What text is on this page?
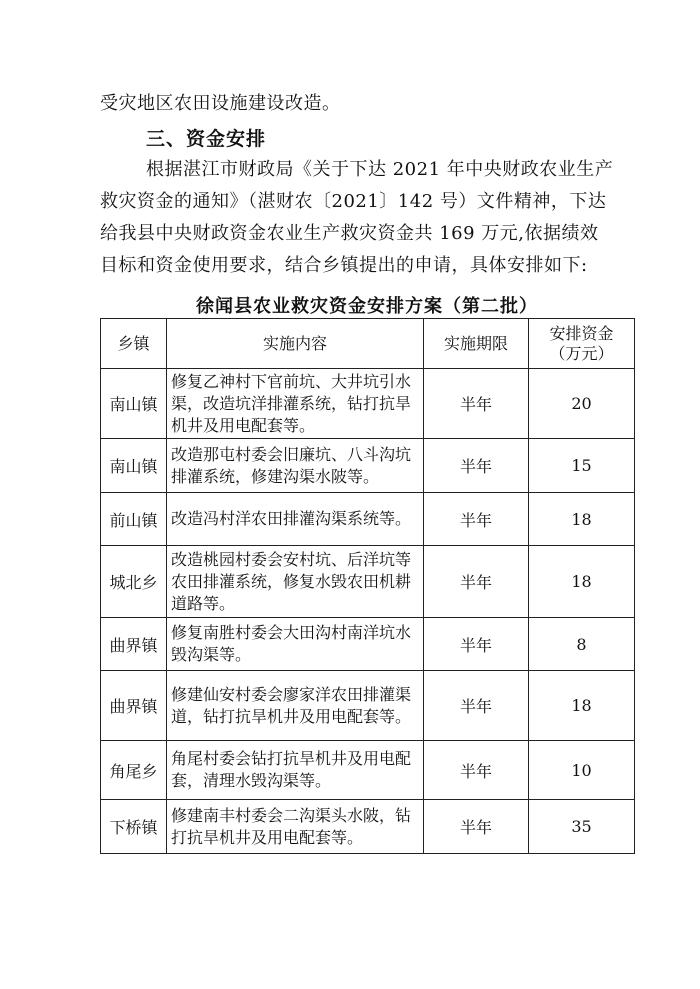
受灾地区农田设施建设改造。
三、资金安排
根据湛江市财政局《关于下达 2021 年中央财政农业生产
救灾资金的通知》（湛财农〔2021〕142 号）文件精神，下达
给我县中央财政资金农业生产救灾资金共 169 万元,依据绩效
目标和资金使用要求，结合乡镇提出的申请，具体安排如下:
徐闻县农业救灾资金安排方案（第二批）
乡镇	实施内容	实施期限	安排资金
（万元）

南山镇	修复乙神村下官前坑、大井坑引水渠，改造坑洋排灌系统，钻打抗旱机井及用电配套等。	半年	20
南山镇	改造那屯村委会旧廉坑、八斗沟坑排灌系统，修建沟渠水陂等。	半年	15
前山镇	改造冯村洋农田排灌沟渠系统等。	半年	18
城北乡	改造桃园村委会安村坑、后洋坑等农田排灌系统，修复水毁农田机耕道路等。	半年	18
曲界镇	修复南胜村委会大田沟村南洋坑水毁沟渠等。	半年	8
曲界镇	修建仙安村委会廖家洋农田排灌渠道，钻打抗旱机井及用电配套等。	半年	18
角尾乡	角尾村委会钻打抗旱机井及用电配套，清理水毁沟渠等。	半年	10
下桥镇	修建南丰村委会二沟渠头水陂，钻打抗旱机井及用电配套等。	半年	35
